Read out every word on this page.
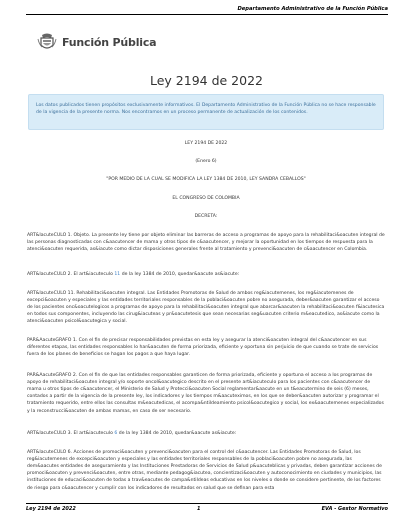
Departamento Administrativo de la Función Pública
Función Pública
Ley 2194 de 2022
Los datos publicados tienen propósitos exclusivamente informativos. El Departamento Administrativo de la Función Pública no se hace responsable de la vigencia de la presente norma. Nos encontramos en un proceso permanente de actualización de los contenidos.
LEY 2194 DE 2022
(Enero 6)
"POR MEDIO DE LA CUAL SE MODIFICA LA LEY 1384 DE 2010, LEY SANDRA CEBALLOS"
EL CONGRESO DE COLOMBIA
DECRETA:
ART&IacuteCULO 1. Objeto. La presente ley tiene por objeto eliminar las barreras de acceso a programas de apoyo para la rehabilitaci&oacuten integral de las personas diagnosticadas con c&aacutencer de mama y otros tipos de c&aacutencer, y mejorar la oportunidad en los tiempos de respuesta para la atenci&oacuten requerida, as&iacute como dictar disposiciones generales frente al tratamiento y prevenci&oacuten de c&aacutencer en Colombia.
ART&IacuteCULO 2. El art&iacuteculo 11 de la ley 1384 de 2010, quedar&aacute as&iacute:
ART&IacuteCULO 11. Rehabilitaci&oacuten integral. Las Entidades Promotoras de Salud de ambos reg&iacutemenes, los reg&iacutemenes de excepci&oacuten y especiales y las entidades territoriales responsables de la poblaci&oacuten pobre no asegurada, deber&aacuten garantizar el acceso de los pacientes onc&oacutelogicos a programas de apoyo para la rehabilitaci&oacuten integral que abarcar&aacuten la rehabilitaci&oacuten f&iacutesica en todos sus componentes, incluyendo las cirug&iacuteas y pr&oacutetesis que sean necesarias seg&uacuten criterio m&eacutedico, as&iacute como la atenci&oacuten psicol&oacutegica y social.
PAR&AacuteGRAFO 1. Con el fin de precisar responsabilidades previstas en esta ley y asegurar la atenci&oacuten integral del c&aacutencer en sus diferentes etapas, las entidades responsables lo har&aacuten de forma priorizada, eficiente y oportuna sin perjuicio de que cuando se trate de servicios fuera de los planes de beneficios se hagan los pagos a que haya lugar.
PAR&AacuteGRAFO 2. Con el fin de que las entidades responsables garanticen de forma priorizada, eficiente y oportuna el acceso a los programas de apoyo de rehabilitaci&oacuten integral y/o soporte oncol&oacutegico descrito en el presente art&iacuteculo para los pacientes con c&aacutencer de mama u otros tipos de c&aacutencer, el Ministerio de Salud y Protecci&oacuten Social reglamentar&aacute en un t&eacutermino de seis (6) meses, contados a partir de la vigencia de la presente ley, los indicadores y los tiempos m&aacuteximos, en los que se deber&aacuten autorizar y programar el tratamiento requerido, entre ellos las consultas m&eacutedicas, el acompa&ntildeamiento psicol&oacutegico y social, los ex&aacutemenes especializados y la reconstrucci&oacuten de ambas mamas, en caso de ser necesario.
ART&IacuteCULO 3. El art&iacuteculo 6 de la ley 1384 de 2010, quedar&aacute as&iacute:
ART&IacuteCULO 6. Acciones de promoci&oacuten y prevenci&oacuten para el control del c&aacutencer. Las Entidades Promotoras de Salud, los reg&iacutemenes de excepci&oacuten y especiales y las entidades territoriales responsables de la poblaci&oacuten pobre no asegurada, las dem&aacutes entidades de aseguramiento y las Instituciones Prestadoras de Servicios de Salud p&uacuteblicas y privadas, deben garantizar acciones de promoci&oacuten y prevenci&oacuten, entre otras, mediante pedagog&iacutea, concientizaci&oacuten y autoconocimiento en ciudades y municipios, las instituciones de educaci&oacuten de todas a trav&eacutes de campa&ntildeas educativas en los niveles o donde se considere pertinente, de los factores de riesgo para c&aacutencer y cumplir con los indicadores de resultados en salud que se definan para esta
Ley 2194 de 2022	1	EVA - Gestor Normativo
